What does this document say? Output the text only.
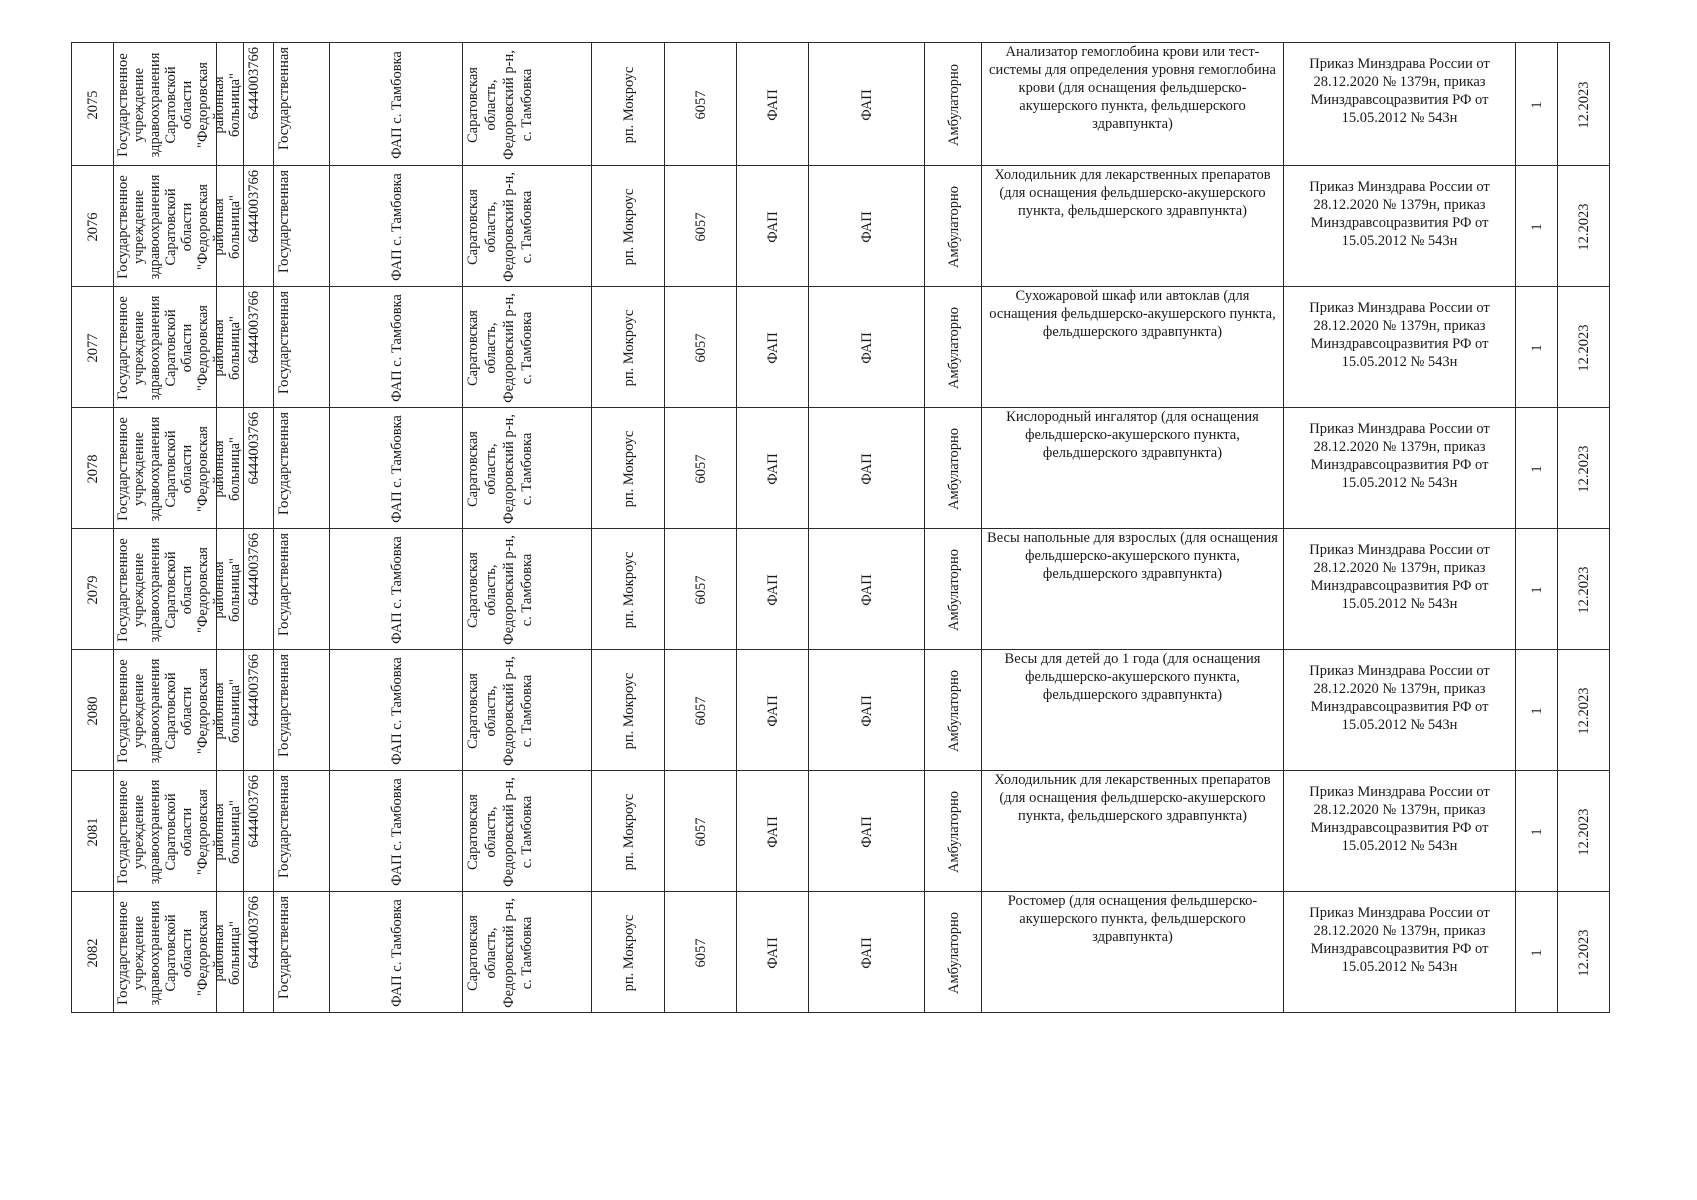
2075	Государственное учреждение здравоохранения Саратовской области "Федоровская районная больница"		6444003766	Государственная	ФАП с. Тамбовка	Саратовская область, Федоровский р-н, с. Тамбовка	рп. Мокроус	6057	ФАП	ФАП	Амбулаторно	Анализатор гемоглобина крови или тест-системы для определения уровня гемоглобина крови (для оснащения фельдшерско-акушерского пункта, фельдшерского здравпункта)	Приказ Минздрава России от 28.12.2020 № 1379н, приказ Минздравсоцразвития РФ от 15.05.2012 № 543н	1	12.2023

2076	Государственное учреждение здравоохранения Саратовской области "Федоровская районная больница"		6444003766	Государственная	ФАП с. Тамбовка	Саратовская область, Федоровский р-н, с. Тамбовка	рп. Мокроус	6057	ФАП	ФАП	Амбулаторно	Холодильник для лекарственных препаратов (для оснащения фельдшерско-акушерского пункта, фельдшерского здравпункта)	Приказ Минздрава России от 28.12.2020 № 1379н, приказ Минздравсоцразвития РФ от 15.05.2012 № 543н	1	12.2023

2077	Государственное учреждение здравоохранения Саратовской области "Федоровская районная больница"		6444003766	Государственная	ФАП с. Тамбовка	Саратовская область, Федоровский р-н, с. Тамбовка	рп. Мокроус	6057	ФАП	ФАП	Амбулаторно	Сухожаровой шкаф или автоклав (для оснащения фельдшерско-акушерского пункта, фельдшерского здравпункта)	Приказ Минздрава России от 28.12.2020 № 1379н, приказ Минздравсоцразвития РФ от 15.05.2012 № 543н	1	12.2023

2078	Государственное учреждение здравоохранения Саратовской области "Федоровская районная больница"		6444003766	Государственная	ФАП с. Тамбовка	Саратовская область, Федоровский р-н, с. Тамбовка	рп. Мокроус	6057	ФАП	ФАП	Амбулаторно	Кислородный ингалятор (для оснащения фельдшерско-акушерского пункта, фельдшерского здравпункта)	Приказ Минздрава России от 28.12.2020 № 1379н, приказ Минздравсоцразвития РФ от 15.05.2012 № 543н	1	12.2023

2079	Государственное учреждение здравоохранения Саратовской области "Федоровская районная больница"		6444003766	Государственная	ФАП с. Тамбовка	Саратовская область, Федоровский р-н, с. Тамбовка	рп. Мокроус	6057	ФАП	ФАП	Амбулаторно	Весы напольные для взрослых (для оснащения фельдшерско-акушерского пункта, фельдшерского здравпункта)	Приказ Минздрава России от 28.12.2020 № 1379н, приказ Минздравсоцразвития РФ от 15.05.2012 № 543н	1	12.2023

2080	Государственное учреждение здравоохранения Саратовской области "Федоровская районная больница"		6444003766	Государственная	ФАП с. Тамбовка	Саратовская область, Федоровский р-н, с. Тамбовка	рп. Мокроус	6057	ФАП	ФАП	Амбулаторно	Весы для детей до 1 года (для оснащения фельдшерско-акушерского пункта, фельдшерского здравпункта)	Приказ Минздрава России от 28.12.2020 № 1379н, приказ Минздравсоцразвития РФ от 15.05.2012 № 543н	1	12.2023

2081	Государственное учреждение здравоохранения Саратовской области "Федоровская районная больница"		6444003766	Государственная	ФАП с. Тамбовка	Саратовская область, Федоровский р-н, с. Тамбовка	рп. Мокроус	6057	ФАП	ФАП	Амбулаторно	Холодильник для лекарственных препаратов (для оснащения фельдшерско-акушерского пункта, фельдшерского здравпункта)	Приказ Минздрава России от 28.12.2020 № 1379н, приказ Минздравсоцразвития РФ от 15.05.2012 № 543н	1	12.2023

2082	Государственное учреждение здравоохранения Саратовской области "Федоровская районная больница"		6444003766	Государственная	ФАП с. Тамбовка	Саратовская область, Федоровский р-н, с. Тамбовка	рп. Мокроус	6057	ФАП	ФАП	Амбулаторно	Ростомер (для оснащения фельдшерско-акушерского пункта, фельдшерского здравпункта)	Приказ Минздрава России от 28.12.2020 № 1379н, приказ Минздравсоцразвития РФ от 15.05.2012 № 543н	1	12.2023
